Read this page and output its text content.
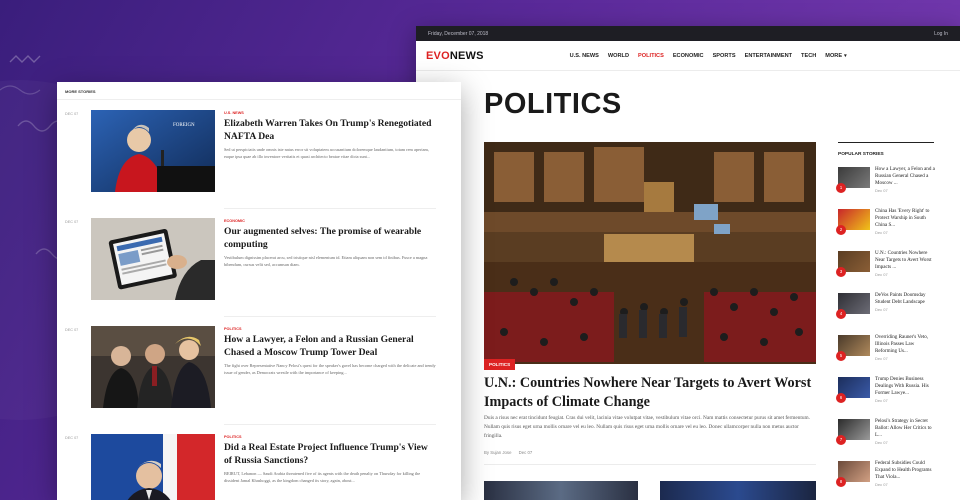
Friday, December 07, 2018	Log In
EVONEWS	U.S. NEWS WORLD POLITICS ECONOMIC SPORTS ENTERTAINMENT TECH MORE ▾
POLITICS
POLITICS
U.N.: Countries Nowhere Near Targets to Avert Worst Impacts of Climate Change

Duis a risus nec erat tincidunt feugiat. Cras dui velit, lacinia vitae volutpat vitae, vestibulum vitae orci. Nam mattis consectetur purus sit amet fermentum. Nullam quis risus eget urna mollis ornare vel eu leo. Nullam quis risus eget urna mollis ornare vel eu leo. Donec ullamcorper nulla non metus auctor fringilla.

By Sujan Jose Dec 07
POPULAR STORIES
1
How a Lawyer, a Felon and a Russian General Chased a Moscow ...
Dec 07
2
China Has 'Every Right' to Protect Warship in South China S...
Dec 07
3
U.N.: Countries Nowhere Near Targets to Avert Worst Impacts ...
Dec 07
4
DeVos Paints Doomsday Student Debt Landscape
Dec 07
5
Overriding Rauner's Veto, Illinois Passes Law Reforming Us...
Dec 07
6
Trump Denies Business Dealings With Russia. His Former Lawye...
Dec 07
7
Pelosi's Strategy in Secret Ballot: Allow Her Critics to L...
Dec 07
8
Federal Subsidies Could Expand to Health Programs That Viola...
Dec 07
MORE STORIES
DEC 07
FOREIGN
U.S. NEWS
Elizabeth Warren Takes On Trump's Renegotiated NAFTA Dea

Sed ut perspiciatis unde omnis iste natus error sit voluptatem accusantium doloremque laudantium, totam rem aperiam, eaque ipsa quae ab illo inventore veritatis et quasi architecto beatae vitae dicta sunt...

DEC 07	ECONOMIC
Our augmented selves: The promise of wearable computing

Vestibulum dignissim placerat arcu, sed tristique nisl elementum id. Etiam aliquam non sem id finibus. Fusce a magna bibendum, cursus velit sed, accumsan diam.

DEC 07	POLITICS
How a Lawyer, a Felon and a Russian General Chased a Moscow Trump Tower Deal

The fight over Representative Nancy Pelosi's quest for the speaker's gavel has become charged with the delicate and trendy issue of gender, as Democrats wrestle with the importance of keeping...

DEC 07	POLITICS
Did a Real Estate Project Influence Trump's View of Russia Sanctions?

BEIRUT, Lebanon — Saudi Arabia threatened five of its agents with the death penalty on Thursday for killing the dissident Jamal Khashoggi, as the kingdom changed its story, again, about...
